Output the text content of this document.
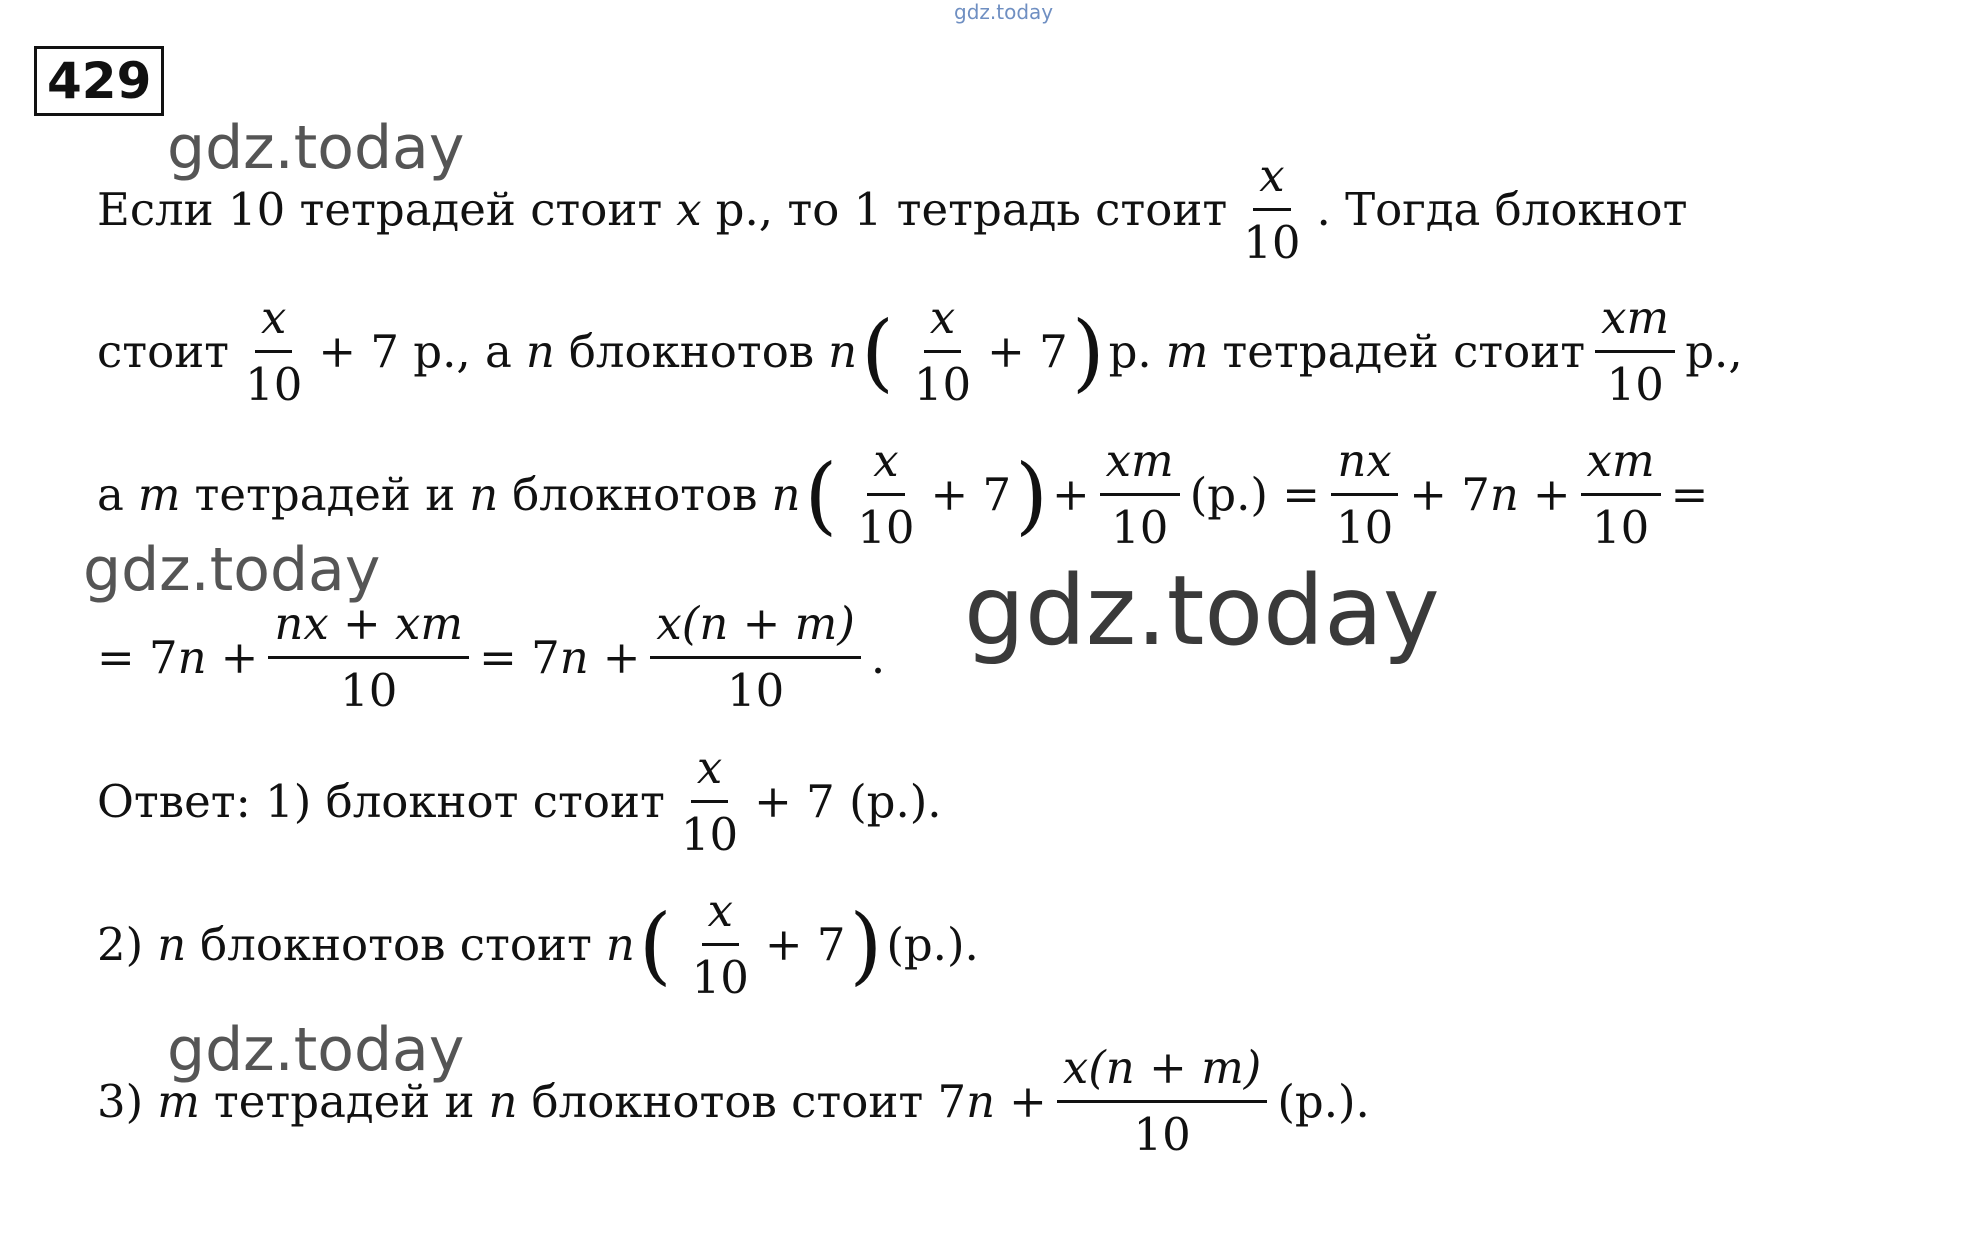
gdz.today
gdz.today
gdz.today	gdz.today
gdz.today
429
Если 10 тетрадей стоит x р., то 1 тетрадь стоит $\frac{x}{10}$ . Тогда блокнот
стоит $\frac{x}{10} + 7$ р., а n блокнотов n ( $\frac{x}{10} + 7$ ) р. m тетрадей стоит $\frac{xm}{10} р$.,
а m тетрадей и n блокнотов n ( $\frac{x}{10} + 7$ ) + $\frac{xm}{10} (р.) = \frac{nx}{10} + 7$ $n + \frac{xm}{10}$ =
= 7 $n + \frac{nx + xm}{10} = 7$ $n + \frac{x(n + m)}{10}$ .
Ответ: 1) блокнот стоит $\frac{x}{10} + 7$ (р.).
2) n блокнотов стоит n ( $\frac{x}{10} + 7$ ) (р.).
3) m тетрадей и n блокнотов стоит 7 $n + \frac{x(n + m)}{10} (р.)$.
